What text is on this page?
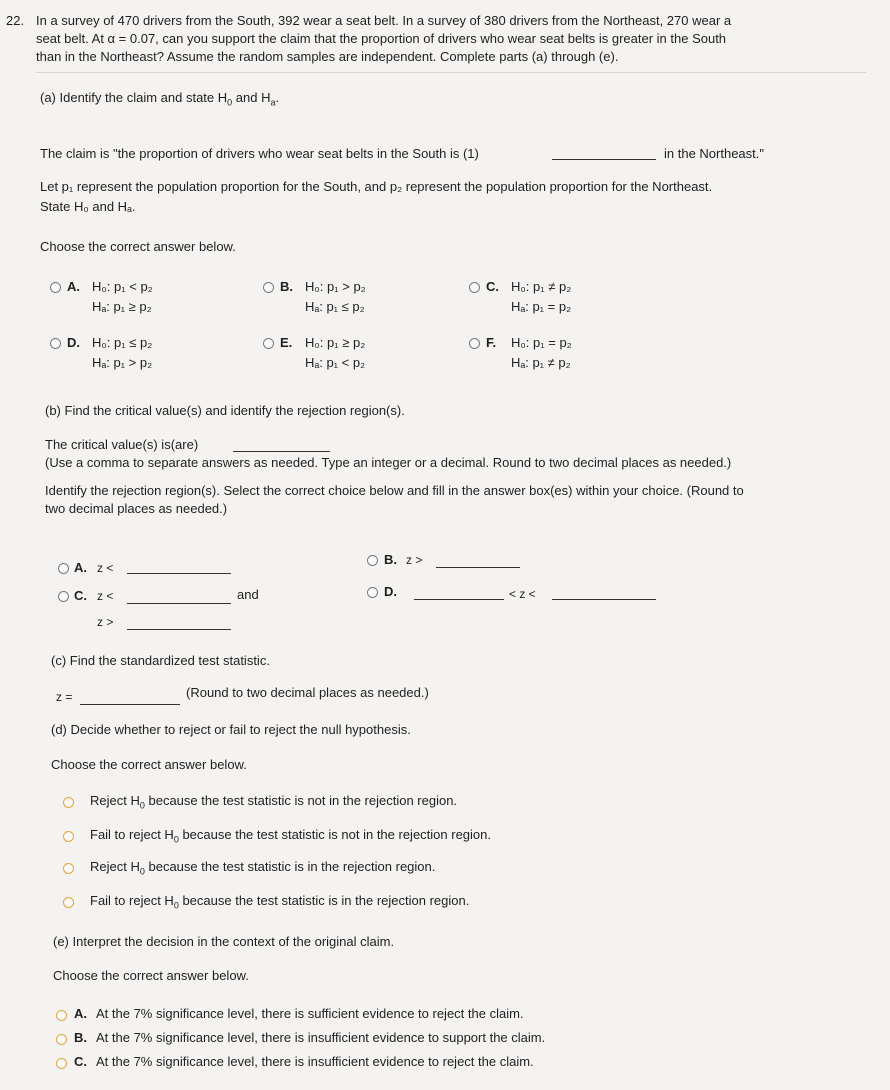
22. In a survey of 470 drivers from the South, 392 wear a seat belt. In a survey of 380 drivers from the Northeast, 270 wear a
seat belt. At α = 0.07, can you support the claim that the proportion of drivers who wear seat belts is greater in the South
than in the Northeast? Assume the random samples are independent. Complete parts (a) through (e).
(a) Identify the claim and state $H_0$ and $H_a$.
The claim is "the proportion of drivers who wear seat belts in the South is (1)	in the Northeast."
Let p₁ represent the population proportion for the South, and p₂ represent the population proportion for the Northeast.
State H₀ and Hₐ.
Choose the correct answer below.
A. H₀: p₁ < p₂
Hₐ: p₁ ≥ p₂
B. H₀: p₁ > p₂
Hₐ: p₁ ≤ p₂
C. H₀: p₁ ≠ p₂
Hₐ: p₁ = p₂
D. H₀: p₁ ≤ p₂
Hₐ: p₁ > p₂
E. H₀: p₁ ≥ p₂
Hₐ: p₁ < p₂
F. H₀: p₁ = p₂
Hₐ: p₁ ≠ p₂
(b) Find the critical value(s) and identify the rejection region(s).
The critical value(s) is(are)
(Use a comma to separate answers as needed. Type an integer or a decimal. Round to two decimal places as needed.)
Identify the rejection region(s). Select the correct choice below and fill in the answer box(es) within your choice. (Round to
two decimal places as needed.)
A. z <
B. z >
C. z <	and
z >
D.	< z <
(c) Find the standardized test statistic.
z =	(Round to two decimal places as needed.)
(d) Decide whether to reject or fail to reject the null hypothesis.
Choose the correct answer below.
Reject $H_0$ because the test statistic is not in the rejection region.
Fail to reject $H_0$ because the test statistic is not in the rejection region.
Reject $H_0$ because the test statistic is in the rejection region.
Fail to reject $H_0$ because the test statistic is in the rejection region.
(e) Interpret the decision in the context of the original claim.
Choose the correct answer below.
A. At the 7% significance level, there is sufficient evidence to reject the claim.
B. At the 7% significance level, there is insufficient evidence to support the claim.
C. At the 7% significance level, there is insufficient evidence to reject the claim.
